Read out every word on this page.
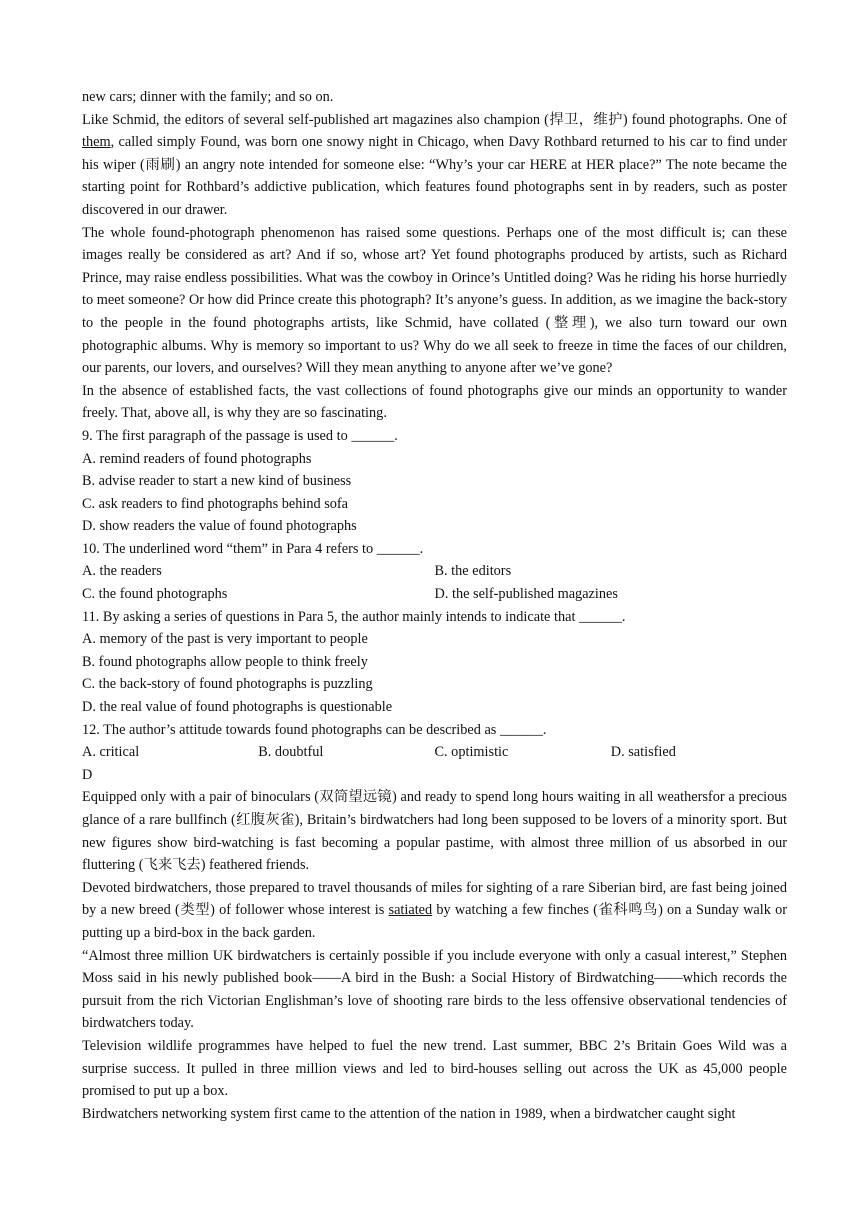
new cars; dinner with the family; and so on.

Like Schmid, the editors of several self-published art magazines also champion (捍卫，维护) found photographs. One of them, called simply Found, was born one snowy night in Chicago, when Davy Rothbard returned to his car to find under his wiper (雨刷) an angry note intended for someone else: “Why’s your car HERE at HER place?” The note became the starting point for Rothbard’s addictive publication, which features found photographs sent in by readers, such as poster discovered in our drawer.

The whole found-photograph phenomenon has raised some questions. Perhaps one of the most difficult is; can these images really be considered as art? And if so, whose art? Yet found photographs produced by artists, such as Richard Prince, may raise endless possibilities. What was the cowboy in Orince’s Untitled doing? Was he riding his horse hurriedly to meet someone? Or how did Prince create this photograph? It’s anyone’s guess. In addition, as we imagine the back-story to the people in the found photographs artists, like Schmid, have collated (整理), we also turn toward our own photographic albums. Why is memory so important to us? Why do we all seek to freeze in time the faces of our children, our parents, our lovers, and ourselves? Will they mean anything to anyone after we’ve gone?

In the absence of established facts, the vast collections of found photographs give our minds an opportunity to wander freely. That, above all, is why they are so fascinating.

9. The first paragraph of the passage is used to ______.

A. remind readers of found photographs

B. advise reader to start a new kind of business

C. ask readers to find photographs behind sofa

D. show readers the value of found photographs

10. The underlined word “them” in Para 4 refers to ______.

A. the readers	B. the editors
C. the found photographs	D. the self-published magazines

11. By asking a series of questions in Para 5, the author mainly intends to indicate that ______.

A. memory of the past is very important to people

B. found photographs allow people to think freely

C. the back-story of found photographs is puzzling

D. the real value of found photographs is questionable

12. The author’s attitude towards found photographs can be described as ______.

A. critical	B. doubtful	C. optimistic	D. satisfied

D

Equipped only with a pair of binoculars (双筒望远镜) and ready to spend long hours waiting in all weathersfor a precious glance of a rare bullfinch (红腹灰雀), Britain’s birdwatchers had long been supposed to be lovers of a minority sport. But new figures show bird-watching is fast becoming a popular pastime, with almost three million of us absorbed in our fluttering (飞来飞去) feathered friends.

Devoted birdwatchers, those prepared to travel thousands of miles for sighting of a rare Siberian bird, are fast being joined by a new breed (类型) of follower whose interest is satiated by watching a few finches (雀科鸣鸟) on a Sunday walk or putting up a bird-box in the back garden.

“Almost three million UK birdwatchers is certainly possible if you include everyone with only a casual interest,” Stephen Moss said in his newly published book——A bird in the Bush: a Social History of Birdwatching——which records the pursuit from the rich Victorian Englishman’s love of shooting rare birds to the less offensive observational tendencies of birdwatchers today.

Television wildlife programmes have helped to fuel the new trend. Last summer, BBC 2’s Britain Goes Wild was a surprise success. It pulled in three million views and led to bird-houses selling out across the UK as 45,000 people promised to put up a box.

Birdwatchers networking system first came to the attention of the nation in 1989, when a birdwatcher caught sight
